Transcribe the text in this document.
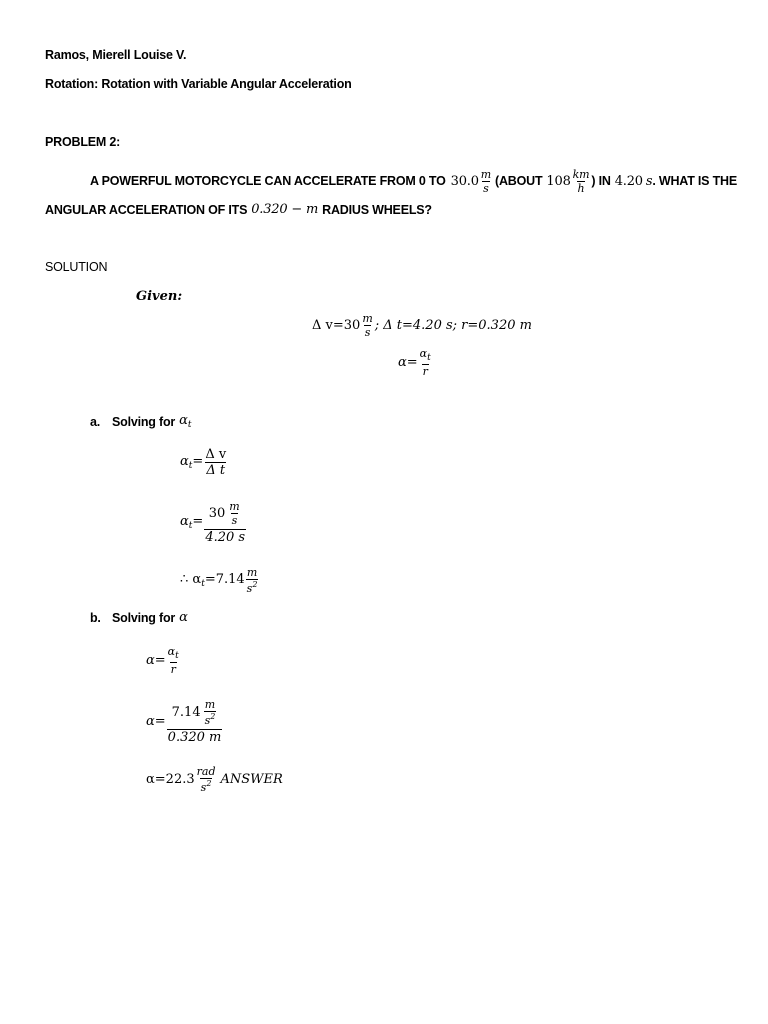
Ramos, Mierell Louise V.
Rotation: Rotation with Variable Angular Acceleration
PROBLEM 2:
A POWERFUL MOTORCYCLE CAN ACCELERATE FROM 0 TO $30.0 \frac{m}{s}$ (ABOUT $108 \frac{km}{h}$ ) IN 4.20 s . WHAT IS THE
ANGULAR ACCELERATION OF ITS 0.320 − m RADIUS WHEELS?
SOLUTION
Given:
Δ $v=30 \frac{m}{s}$ ; Δ t=4.20 s; r=0.320 m
$\alpha= \frac{\alpha_t}{r}$
a. Solving for $\alpha_t$
$\alpha_t= \frac{\text{Δ v}}{\text{Δ t}}$
$\alpha_t= \frac{30 \frac{m}{s}}{4.20 s}$
∴ $\alpha_t=7.14 \frac{m}{s^2}$
b. Solving for α
$\alpha= \frac{\alpha_t}{r}$
$\alpha= \frac{7.14 \frac{m}{s^2}}{0.320 m}$
$\alpha=22.3 \frac{\text{rad}}{s^2}$ ANSWER
